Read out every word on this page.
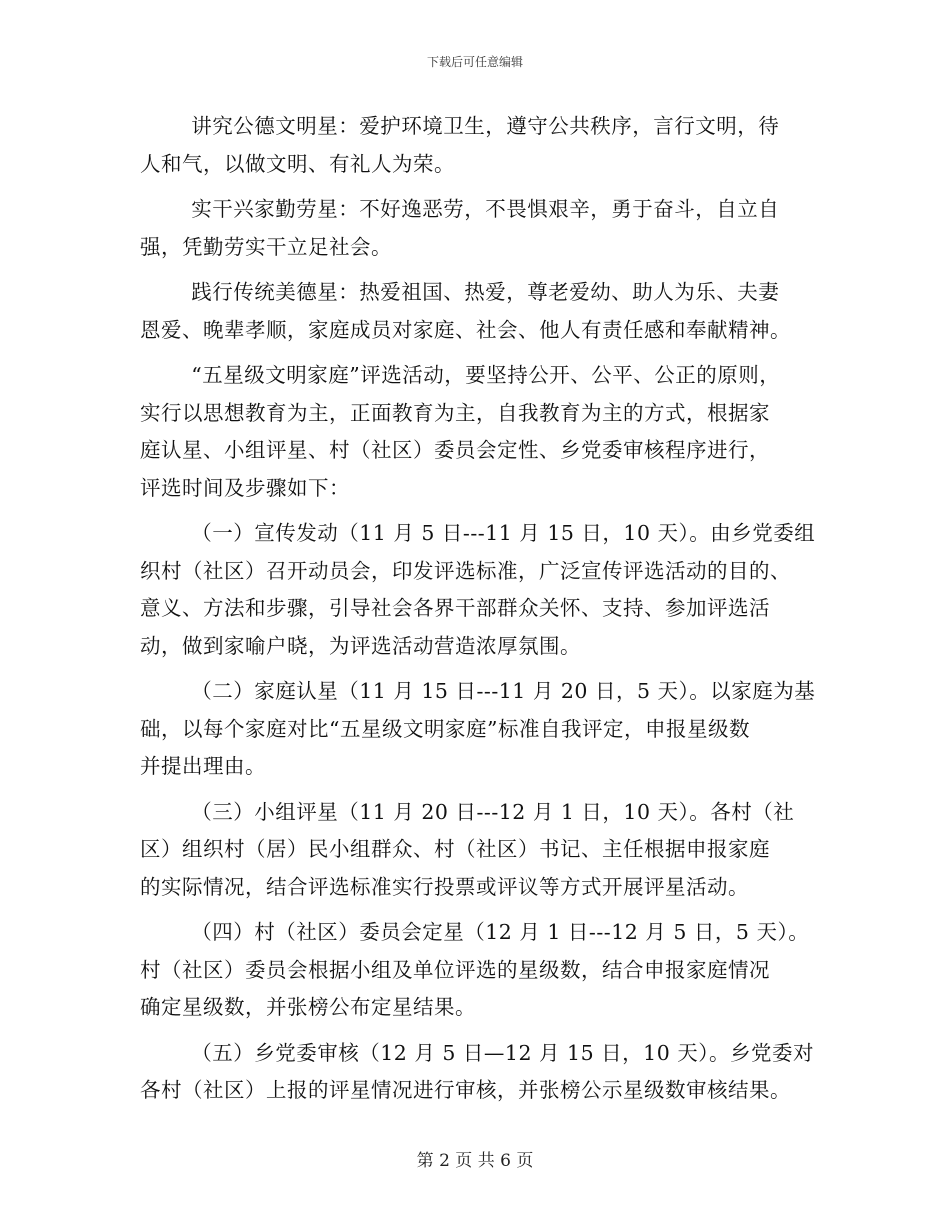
下载后可任意编辑

讲究公德文明星：爱护环境卫生，遵守公共秩序，言行文明，待
人和气，以做文明、有礼人为荣。

实干兴家勤劳星：不好逸恶劳，不畏惧艰辛，勇于奋斗，自立自
强，凭勤劳实干立足社会。

践行传统美德星：热爱祖国、热爱，尊老爱幼、助人为乐、夫妻
恩爱、晚辈孝顺，家庭成员对家庭、社会、他人有责任感和奉献精神。

“五星级文明家庭”评选活动，要坚持公开、公平、公正的原则，
实行以思想教育为主，正面教育为主，自我教育为主的方式，根据家
庭认星、小组评星、村（社区）委员会定性、乡党委审核程序进行，
评选时间及步骤如下：

（一）宣传发动（11 月 5 日---11 月 15 日，10 天）。由乡党委组
织村（社区）召开动员会，印发评选标准，广泛宣传评选活动的目的、
意义、方法和步骤，引导社会各界干部群众关怀、支持、参加评选活
动，做到家喻户晓，为评选活动营造浓厚氛围。

（二）家庭认星（11 月 15 日---11 月 20 日，5 天）。以家庭为基
础，以每个家庭对比“五星级文明家庭”标准自我评定，申报星级数
并提出理由。

（三）小组评星（11 月 20 日---12 月 1 日，10 天）。各村（社
区）组织村（居）民小组群众、村（社区）书记、主任根据申报家庭
的实际情况，结合评选标准实行投票或评议等方式开展评星活动。

（四）村（社区）委员会定星（12 月 1 日---12 月 5 日，5 天）。
村（社区）委员会根据小组及单位评选的星级数，结合申报家庭情况
确定星级数，并张榜公布定星结果。

（五）乡党委审核（12 月 5 日—12 月 15 日，10 天）。乡党委对
各村（社区）上报的评星情况进行审核，并张榜公示星级数审核结果。

第 2 页 共 6 页
